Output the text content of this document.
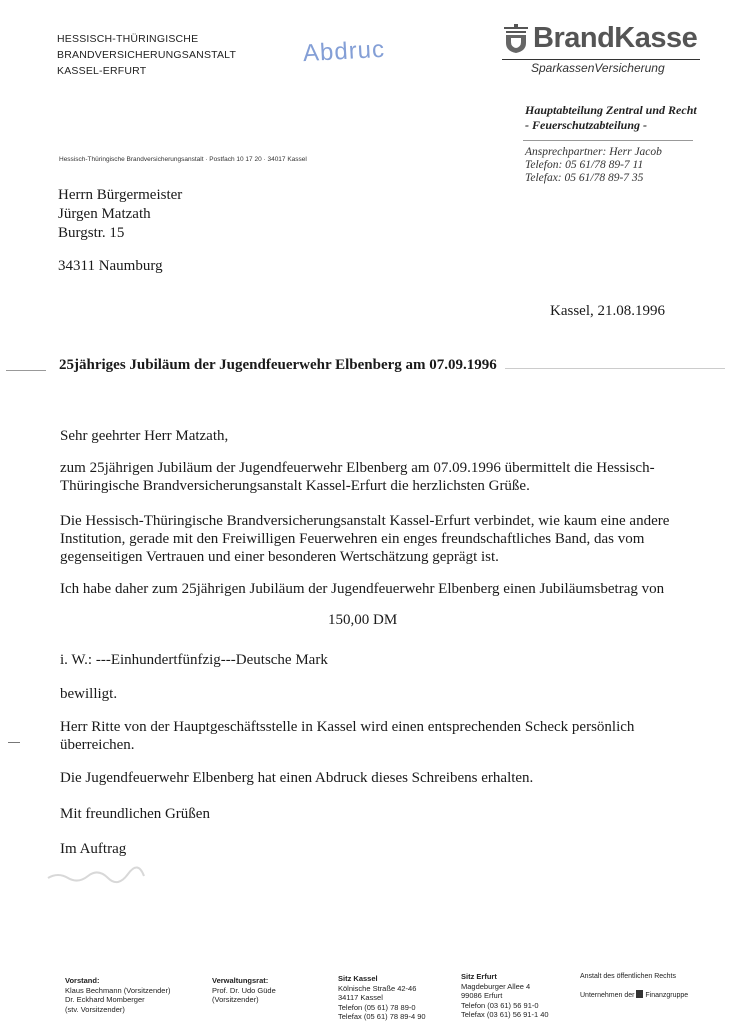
HESSISCH-THÜRINGISCHE
BRANDVERSICHERUNGSANSTALT
KASSEL-ERFURT
Abdruc	BrandKasse
SparkassenVersicherung
Hauptabteilung Zentral und Recht
- Feuerschutzabteilung -
Ansprechpartner: Herr Jacob
Telefon: 05 61/78 89-7 11
Telefax: 05 61/78 89-7 35
Hessisch-Thüringische Brandversicherungsanstalt · Postfach 10 17 20 · 34017 Kassel
Herrn Bürgermeister
Jürgen Matzath
Burgstr. 15
34311 Naumburg
Kassel, 21.08.1996
25jähriges Jubiläum der Jugendfeuerwehr Elbenberg am 07.09.1996
Sehr geehrter Herr Matzath,
zum 25jährigen Jubiläum der Jugendfeuerwehr Elbenberg am 07.09.1996 übermittelt die Hessisch-
Thüringische Brandversicherungsanstalt Kassel-Erfurt die herzlichsten Grüße.
Die Hessisch-Thüringische Brandversicherungsanstalt Kassel-Erfurt verbindet, wie kaum eine andere
Institution, gerade mit den Freiwilligen Feuerwehren ein enges freundschaftliches Band, das vom
gegenseitigen Vertrauen und einer besonderen Wertschätzung geprägt ist.
Ich habe daher zum 25jährigen Jubiläum der Jugendfeuerwehr Elbenberg einen Jubiläumsbetrag von
150,00 DM
i. W.: ---Einhundertfünfzig---Deutsche Mark
bewilligt.
Herr Ritte von der Hauptgeschäftsstelle in Kassel wird einen entsprechenden Scheck persönlich
überreichen.
Die Jugendfeuerwehr Elbenberg hat einen Abdruck dieses Schreibens erhalten.
Mit freundlichen Grüßen
Im Auftrag
Vorstand:
Klaus Bechmann (Vorsitzender)
Dr. Eckhard Momberger
(stv. Vorsitzender)
Verwaltungsrat:
Prof. Dr. Udo Güde
(Vorsitzender)
Sitz Kassel
Kölnische Straße 42-46
34117 Kassel
Telefon (05 61) 78 89-0
Telefax (05 61) 78 89-4 90
Sitz Erfurt
Magdeburger Allee 4
99086 Erfurt
Telefon (03 61) 56 91-0
Telefax (03 61) 56 91-1 40
Anstalt des öffentlichen Rechts
Unternehmen der Finanzgruppe
